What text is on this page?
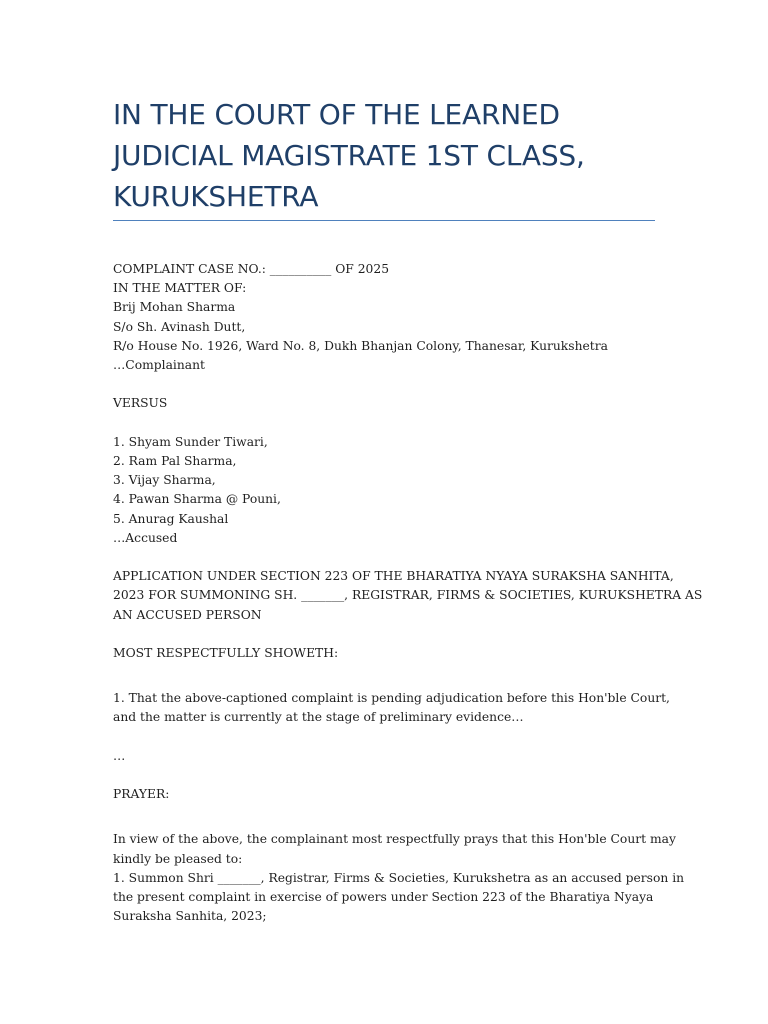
IN THE COURT OF THE LEARNED
JUDICIAL MAGISTRATE 1ST CLASS,
KURUKSHETRA
COMPLAINT CASE NO.: __________ OF 2025
IN THE MATTER OF:
Brij Mohan Sharma
S/o Sh. Avinash Dutt,
R/o House No. 1926, Ward No. 8, Dukh Bhanjan Colony, Thanesar, Kurukshetra
…Complainant
VERSUS
1. Shyam Sunder Tiwari,
2. Ram Pal Sharma,
3. Vijay Sharma,
4. Pawan Sharma @ Pouni,
5. Anurag Kaushal
…Accused
APPLICATION UNDER SECTION 223 OF THE BHARATIYA NYAYA SURAKSHA SANHITA,
2023 FOR SUMMONING SH. _______, REGISTRAR, FIRMS & SOCIETIES, KURUKSHETRA AS
AN ACCUSED PERSON
MOST RESPECTFULLY SHOWETH:
1. That the above-captioned complaint is pending adjudication before this Hon'ble Court,
and the matter is currently at the stage of preliminary evidence…
…
PRAYER:
In view of the above, the complainant most respectfully prays that this Hon'ble Court may
kindly be pleased to:
1. Summon Shri _______, Registrar, Firms & Societies, Kurukshetra as an accused person in
the present complaint in exercise of powers under Section 223 of the Bharatiya Nyaya
Suraksha Sanhita, 2023;
